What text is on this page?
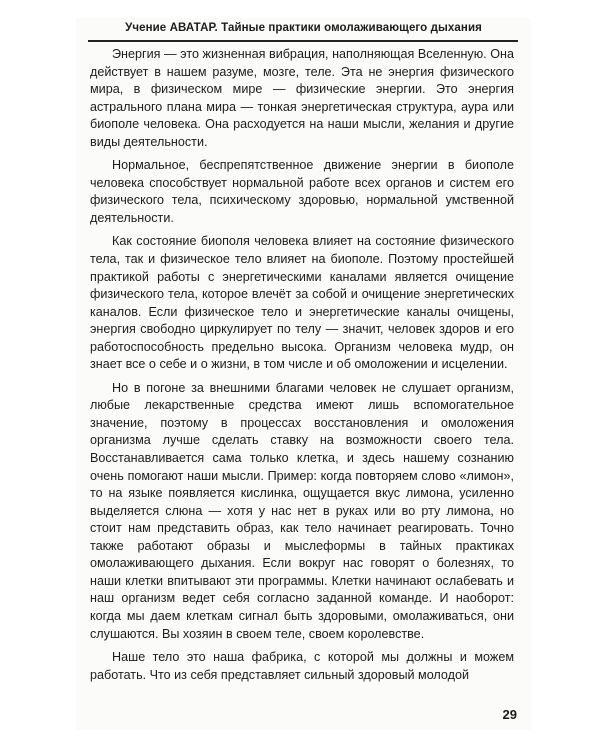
Учение АВАТАР. Тайные практики омолаживающего дыхания

Энергия — это жизненная вибрация, наполняющая Вселенную. Она действует в нашем разуме, мозге, теле. Эта не энергия физического мира, в физическом мире — физические энергии. Это энергия астрального плана мира — тонкая энергетическая структура, аура или биополе человека. Она расходуется на наши мысли, желания и другие виды деятельности.

Нормальное, беспрепятственное движение энергии в биополе человека способствует нормальной работе всех органов и систем его физического тела, психическому здоровью, нормальной умственной деятельности.

Как состояние биополя человека влияет на состояние физического тела, так и физическое тело влияет на биополе. Поэтому простейшей практикой работы с энергетическими каналами является очищение физического тела, которое влечёт за собой и очищение энергетических каналов. Если физическое тело и энергетические каналы очищены, энергия свободно циркулирует по телу — значит, человек здоров и его работоспособность предельно высока. Организм человека мудр, он знает все о себе и о жизни, в том числе и об омоложении и исцелении.

Но в погоне за внешними благами человек не слушает организм, любые лекарственные средства имеют лишь вспомогательное значение, поэтому в процессах восстановления и омоложения организма лучше сделать ставку на возможности своего тела. Восстанавливается сама только клетка, и здесь нашему сознанию очень помогают наши мысли. Пример: когда повторяем слово «лимон», то на языке появляется кислинка, ощущается вкус лимона, усиленно выделяется слюна — хотя у нас нет в руках или во рту лимона, но стоит нам представить образ, как тело начинает реагировать. Точно также работают образы и мыслеформы в тайных практиках омолаживающего дыхания. Если вокруг нас говорят о болезнях, то наши клетки впитывают эти программы. Клетки начинают ослабевать и наш организм ведет себя согласно заданной команде. И наоборот: когда мы даем клеткам сигнал быть здоровыми, омолаживаться, они слушаются. Вы хозяин в своем теле, своем королевстве.

Наше тело это наша фабрика, с которой мы должны и можем работать. Что из себя представляет сильный здоровый молодой

29
